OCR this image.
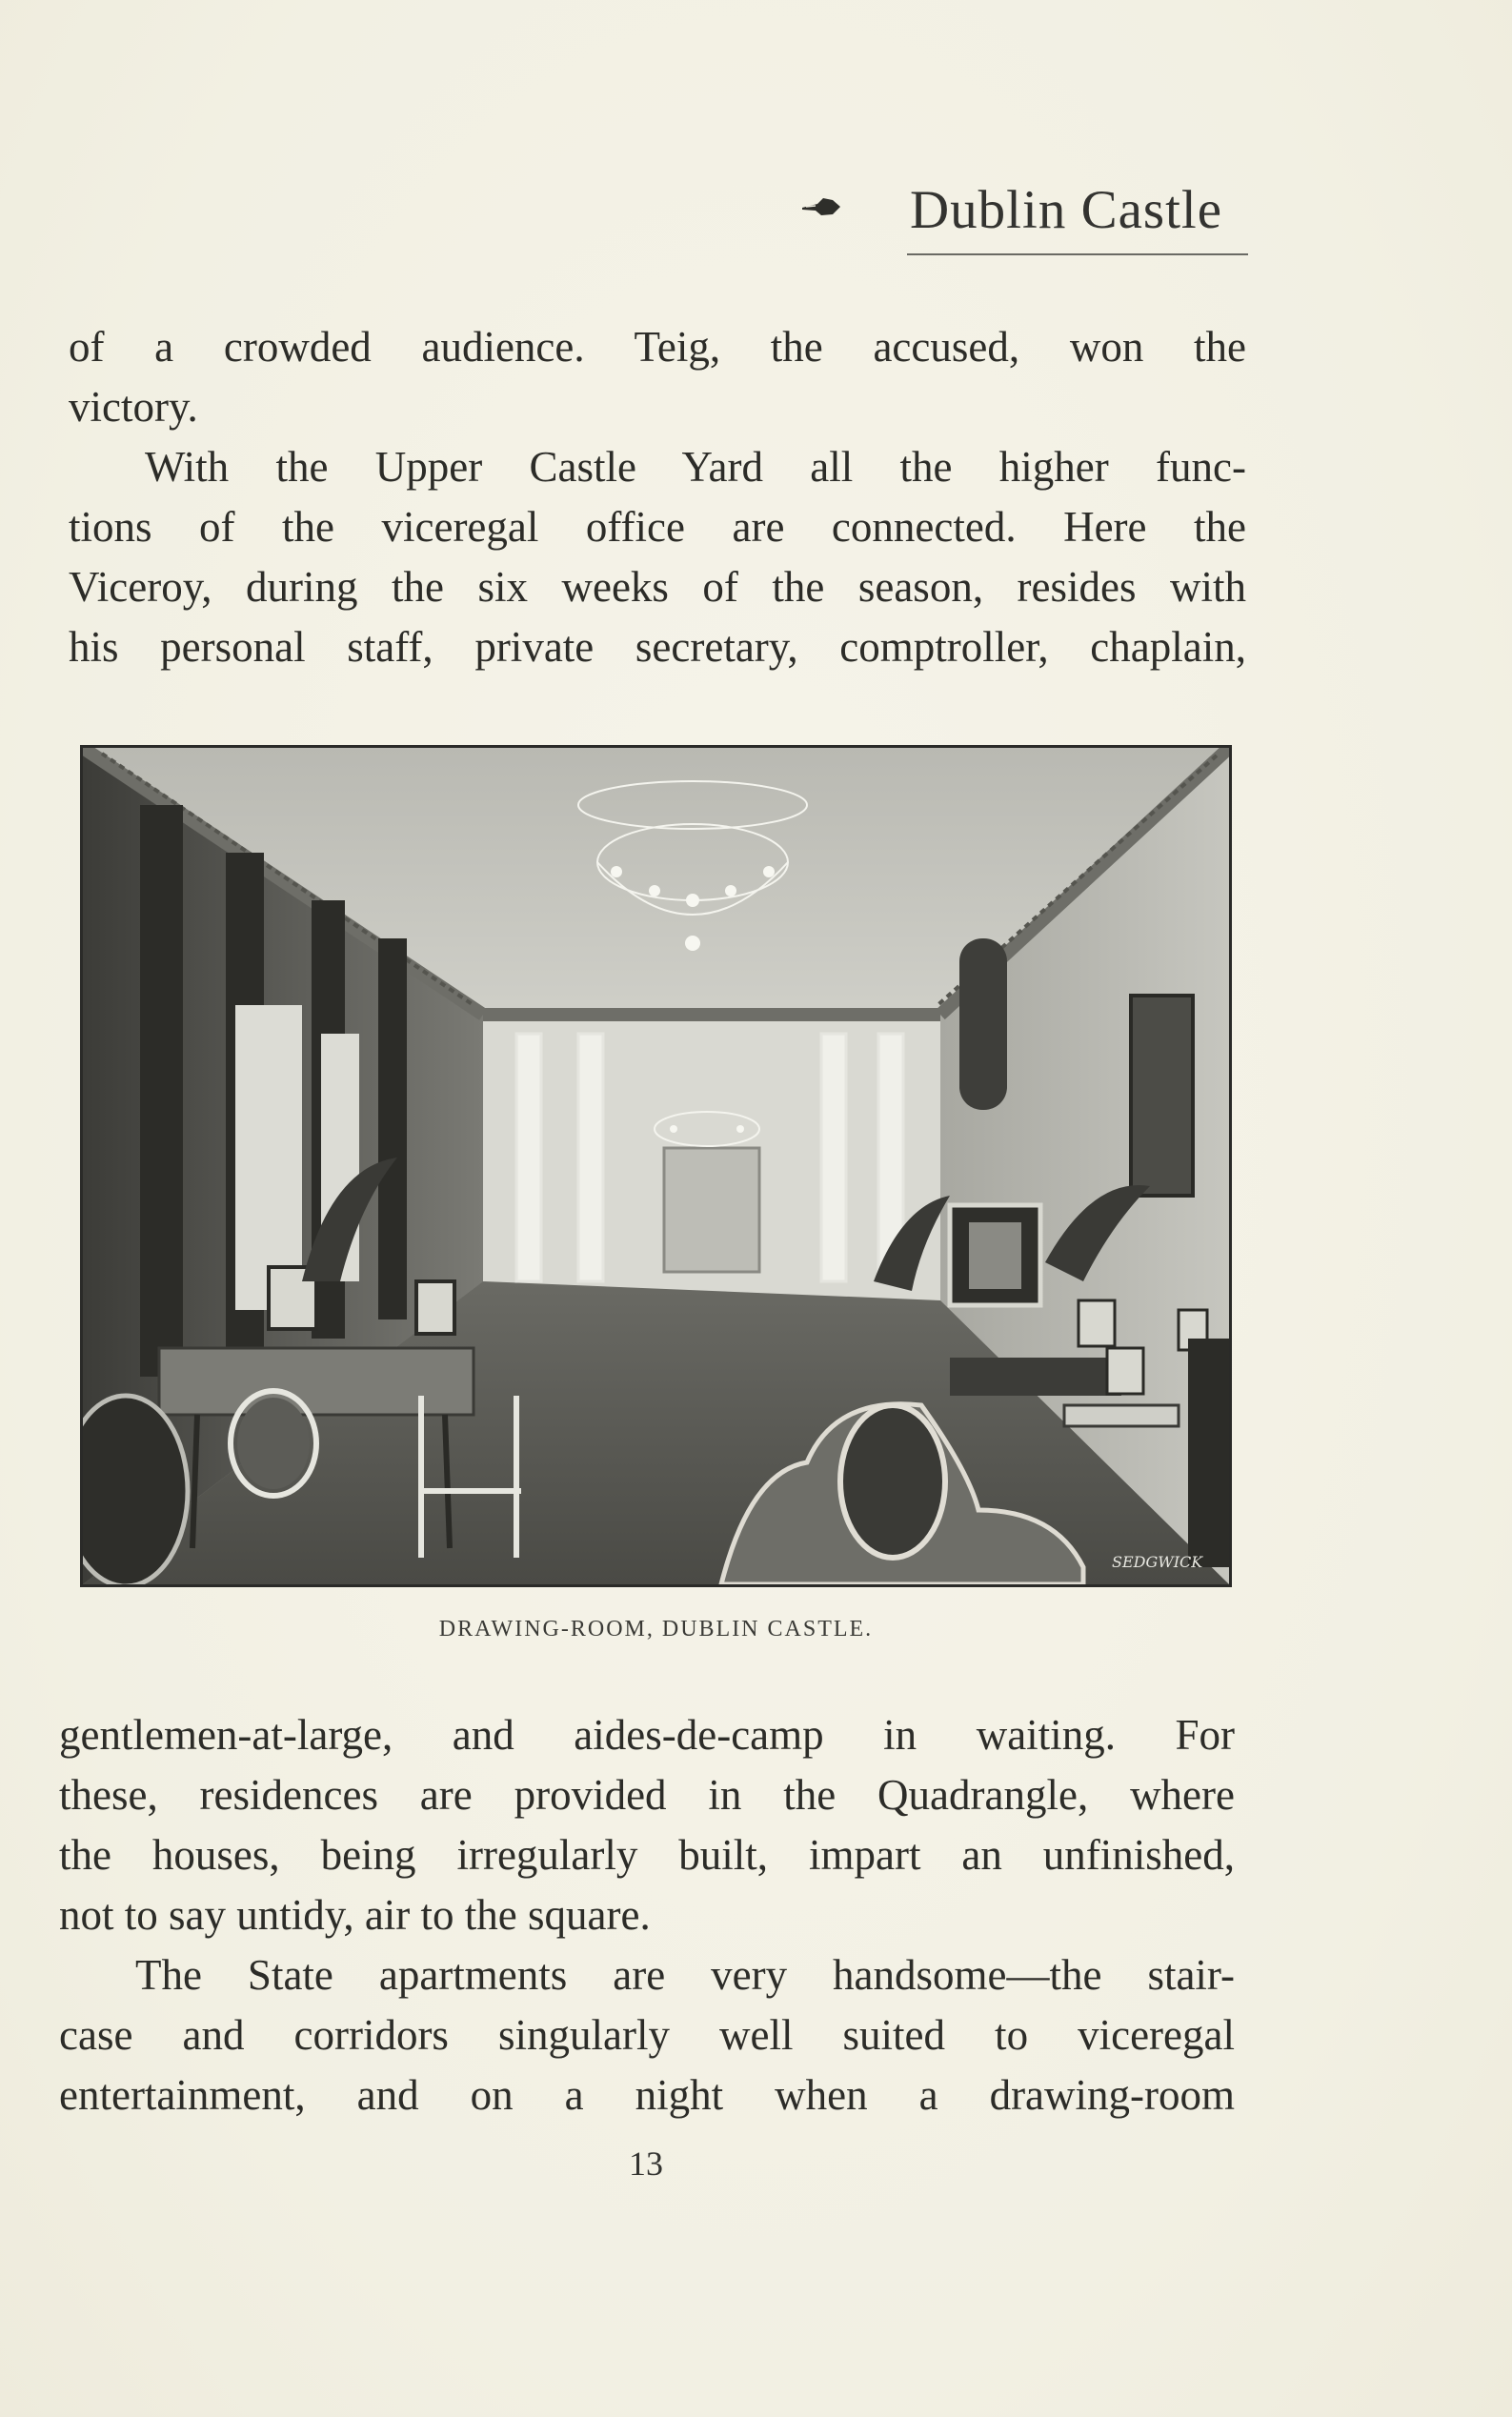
Dublin Castle

of a crowded audience. Teig, the accused, won the
victory.

With the Upper Castle Yard all the higher func-
tions of the viceregal office are connected. Here the
Viceroy, during the six weeks of the season, resides with
his personal staff, private secretary, comptroller, chaplain,

SEDGWICK
DRAWING-ROOM, DUBLIN CASTLE.

gentlemen-at-large, and aides-de-camp in waiting. For
these, residences are provided in the Quadrangle, where
the houses, being irregularly built, impart an unfinished,
not to say untidy, air to the square.

The State apartments are very handsome—the stair-
case and corridors singularly well suited to viceregal
entertainment, and on a night when a drawing-room

13
